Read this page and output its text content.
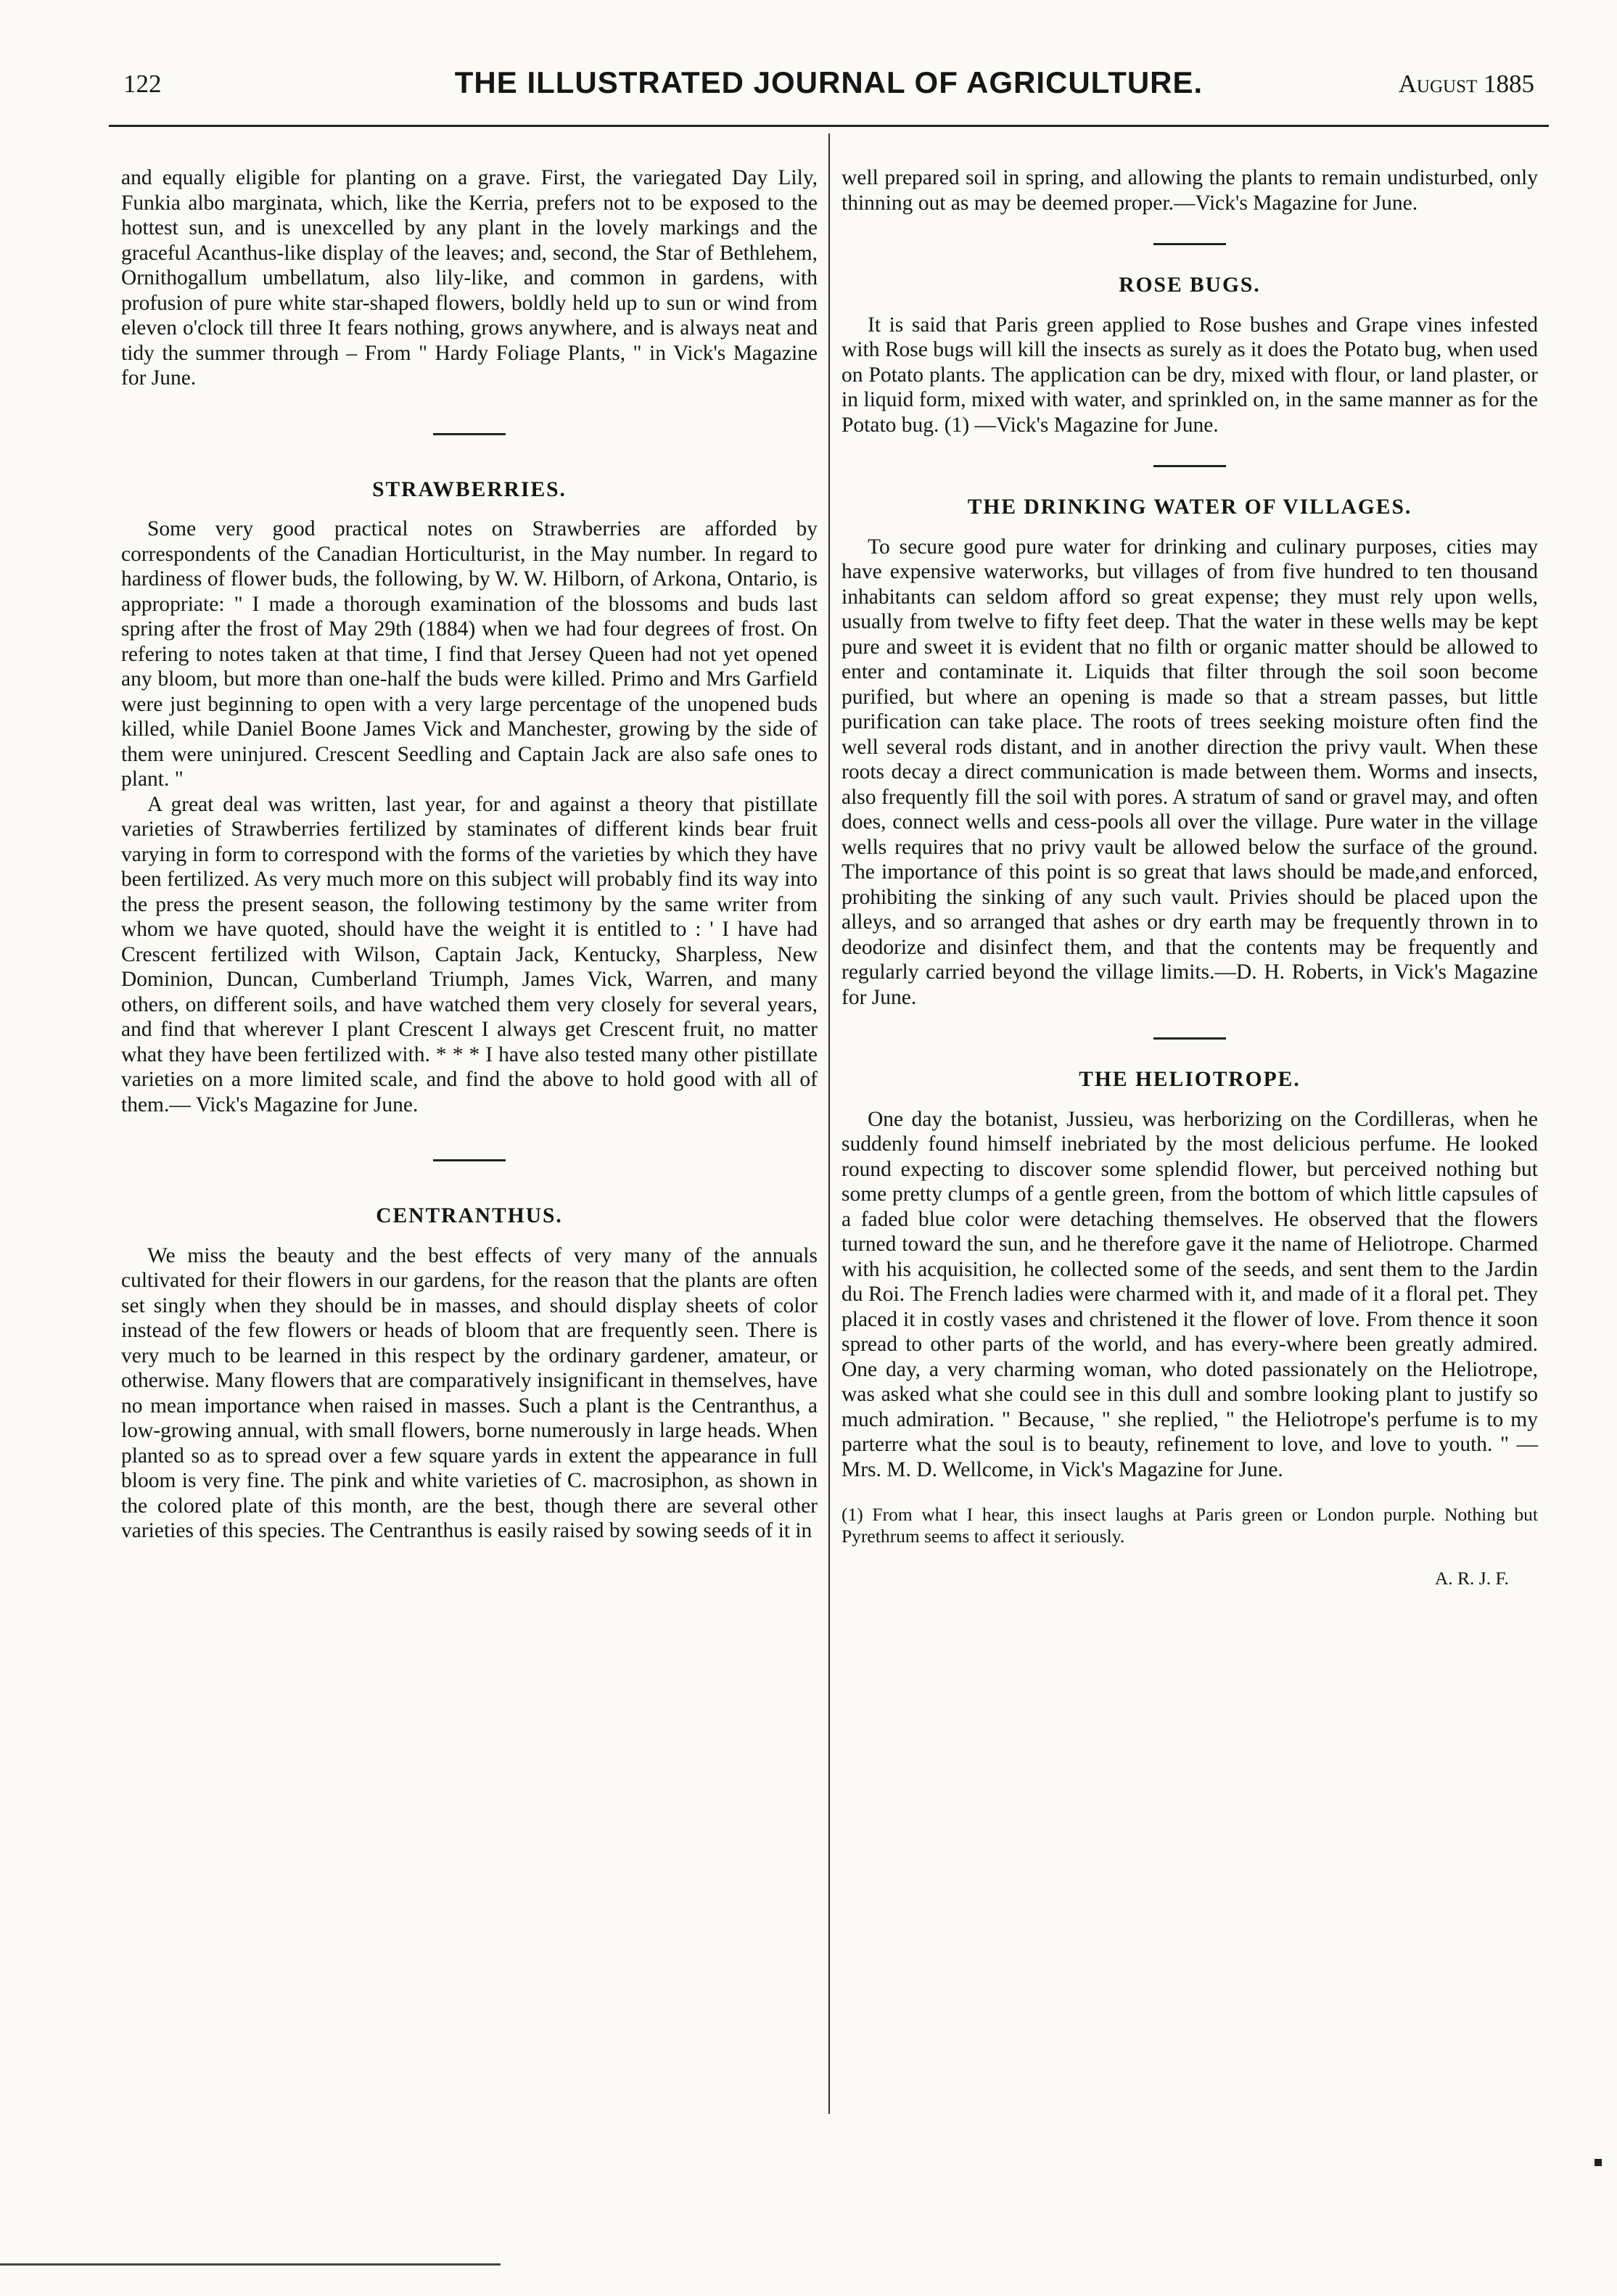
122	THE ILLUSTRATED JOURNAL OF AGRICULTURE.	August 1885

and equally eligible for planting on a grave. First, the variegated Day Lily, Funkia albo marginata, which, like the Kerria, prefers not to be exposed to the hottest sun, and is unexcelled by any plant in the lovely markings and the graceful Acanthus-like display of the leaves; and, second, the Star of Bethlehem, Ornithogallum umbellatum, also lily-like, and common in gardens, with profusion of pure white star-shaped flowers, boldly held up to sun or wind from eleven o'clock till three It fears nothing, grows anywhere, and is always neat and tidy the summer through – From " Hardy Foliage Plants, " in Vick's Magazine for June.

STRAWBERRIES.

Some very good practical notes on Strawberries are afforded by correspondents of the Canadian Horticulturist, in the May number. In regard to hardiness of flower buds, the following, by W. W. Hilborn, of Arkona, Ontario, is appropriate: " I made a thorough examination of the blossoms and buds last spring after the frost of May 29th (1884) when we had four degrees of frost. On refering to notes taken at that time, I find that Jersey Queen had not yet opened any bloom, but more than one-half the buds were killed. Primo and Mrs Garfield were just beginning to open with a very large percentage of the unopened buds killed, while Daniel Boone James Vick and Manchester, growing by the side of them were uninjured. Crescent Seedling and Captain Jack are also safe ones to plant. "

A great deal was written, last year, for and against a theory that pistillate varieties of Strawberries fertilized by staminates of different kinds bear fruit varying in form to correspond with the forms of the varieties by which they have been fertilized. As very much more on this subject will probably find its way into the press the present season, the following testimony by the same writer from whom we have quoted, should have the weight it is entitled to : ' I have had Crescent fertilized with Wilson, Captain Jack, Kentucky, Sharpless, New Dominion, Duncan, Cumberland Triumph, James Vick, Warren, and many others, on different soils, and have watched them very closely for several years, and find that wherever I plant Crescent I always get Crescent fruit, no matter what they have been fertilized with. * * * I have also tested many other pistillate varieties on a more limited scale, and find the above to hold good with all of them.— Vick's Magazine for June.

CENTRANTHUS.

We miss the beauty and the best effects of very many of the annuals cultivated for their flowers in our gardens, for the reason that the plants are often set singly when they should be in masses, and should display sheets of color instead of the few flowers or heads of bloom that are frequently seen. There is very much to be learned in this respect by the ordinary gardener, amateur, or otherwise. Many flowers that are comparatively insignificant in themselves, have no mean importance when raised in masses. Such a plant is the Centranthus, a low-growing annual, with small flowers, borne numerously in large heads. When planted so as to spread over a few square yards in extent the appearance in full bloom is very fine. The pink and white varieties of C. macrosiphon, as shown in the colored plate of this month, are the best, though there are several other varieties of this species. The Centranthus is easily raised by sowing seeds of it in

well prepared soil in spring, and allowing the plants to remain undisturbed, only thinning out as may be deemed proper.—Vick's Magazine for June.

ROSE BUGS.

It is said that Paris green applied to Rose bushes and Grape vines infested with Rose bugs will kill the insects as surely as it does the Potato bug, when used on Potato plants. The application can be dry, mixed with flour, or land plaster, or in liquid form, mixed with water, and sprinkled on, in the same manner as for the Potato bug. (1) —Vick's Magazine for June.

THE DRINKING WATER OF VILLAGES.

To secure good pure water for drinking and culinary purposes, cities may have expensive waterworks, but villages of from five hundred to ten thousand inhabitants can seldom afford so great expense; they must rely upon wells, usually from twelve to fifty feet deep. That the water in these wells may be kept pure and sweet it is evident that no filth or organic matter should be allowed to enter and contaminate it. Liquids that filter through the soil soon become purified, but where an opening is made so that a stream passes, but little purification can take place. The roots of trees seeking moisture often find the well several rods distant, and in another direction the privy vault. When these roots decay a direct communication is made between them. Worms and insects, also frequently fill the soil with pores. A stratum of sand or gravel may, and often does, connect wells and cess-pools all over the village. Pure water in the village wells requires that no privy vault be allowed below the surface of the ground. The importance of this point is so great that laws should be made,and enforced, prohibiting the sinking of any such vault. Privies should be placed upon the alleys, and so arranged that ashes or dry earth may be frequently thrown in to deodorize and disinfect them, and that the contents may be frequently and regularly carried beyond the village limits.—D. H. Roberts, in Vick's Magazine for June.

THE HELIOTROPE.

One day the botanist, Jussieu, was herborizing on the Cordilleras, when he suddenly found himself inebriated by the most delicious perfume. He looked round expecting to discover some splendid flower, but perceived nothing but some pretty clumps of a gentle green, from the bottom of which little capsules of a faded blue color were detaching themselves. He observed that the flowers turned toward the sun, and he therefore gave it the name of Heliotrope. Charmed with his acquisition, he collected some of the seeds, and sent them to the Jardin du Roi. The French ladies were charmed with it, and made of it a floral pet. They placed it in costly vases and christened it the flower of love. From thence it soon spread to other parts of the world, and has every-where been greatly admired. One day, a very charming woman, who doted passionately on the Heliotrope, was asked what she could see in this dull and sombre looking plant to justify so much admiration. " Because, " she replied, " the Heliotrope's perfume is to my parterre what the soul is to beauty, refinement to love, and love to youth. " — Mrs. M. D. Wellcome, in Vick's Magazine for June.

(1) From what I hear, this insect laughs at Paris green or London purple. Nothing but Pyrethrum seems to affect it seriously.

A. R. J. F.
